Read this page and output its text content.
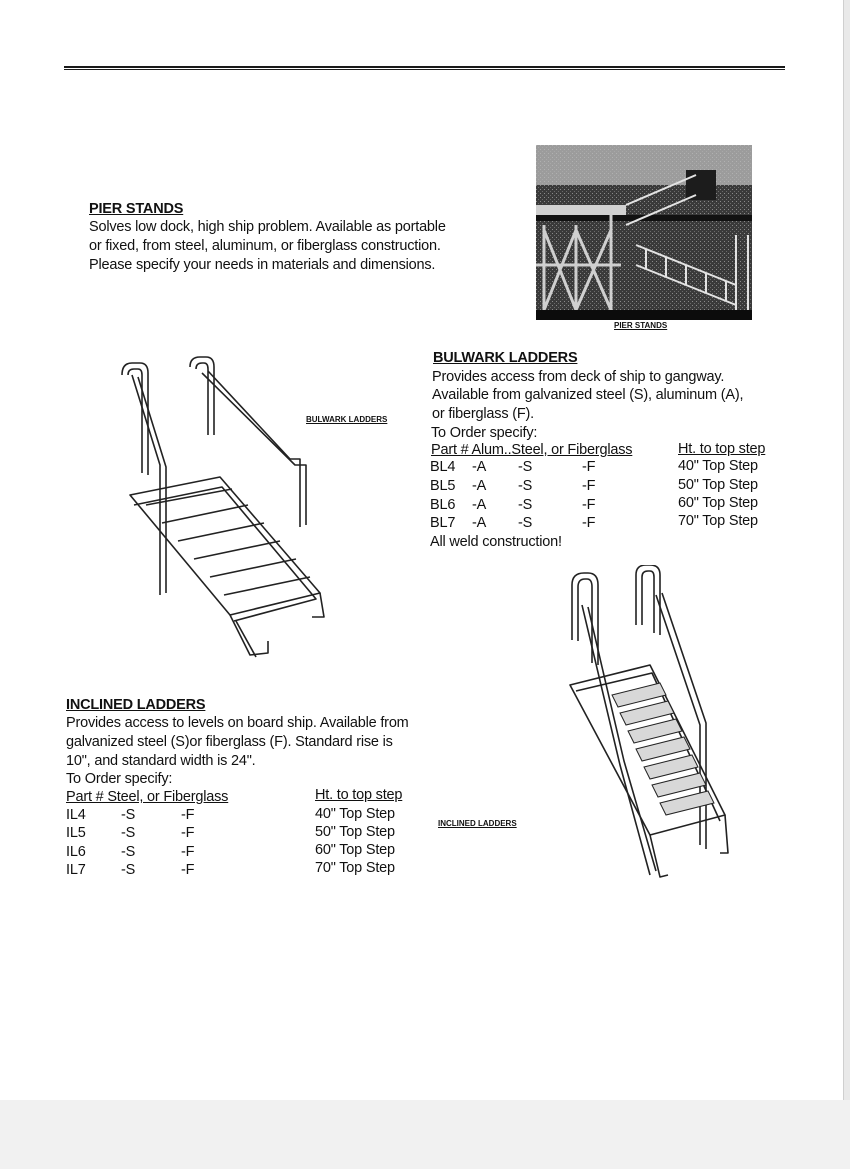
PIER STANDS
Solves low dock, high ship problem. Available as portable
or fixed, from steel, aluminum, or fiberglass construction.
Please specify your needs in materials and dimensions.
PIER STANDS
BULWARK LADDERS
BULWARK LADDERS
Provides access from deck of ship to gangway.
Available from galvanized steel (S), aluminum (A),
or fiberglass (F).
To Order specify:
Part # Alum..Steel, or Fiberglass	Ht. to top step
BL4 -A -S	-F	40" Top Step
BL5 -A -S	-F	50" Top Step
BL6 -A -S	-F	60" Top Step
BL7 -A -S	-F	70" Top Step
All weld construction!
INCLINED LADDERS
INCLINED LADDERS
Provides access to levels on board ship. Available from
galvanized steel (S)or fiberglass (F). Standard rise is
10", and standard width is 24".
To Order specify:
Part # Steel, or Fiberglass	Ht. to top step
IL4 -S	-F	40" Top Step
IL5 -S	-F	50" Top Step
IL6 -S	-F	60" Top Step
IL7 -S	-F	70" Top Step
